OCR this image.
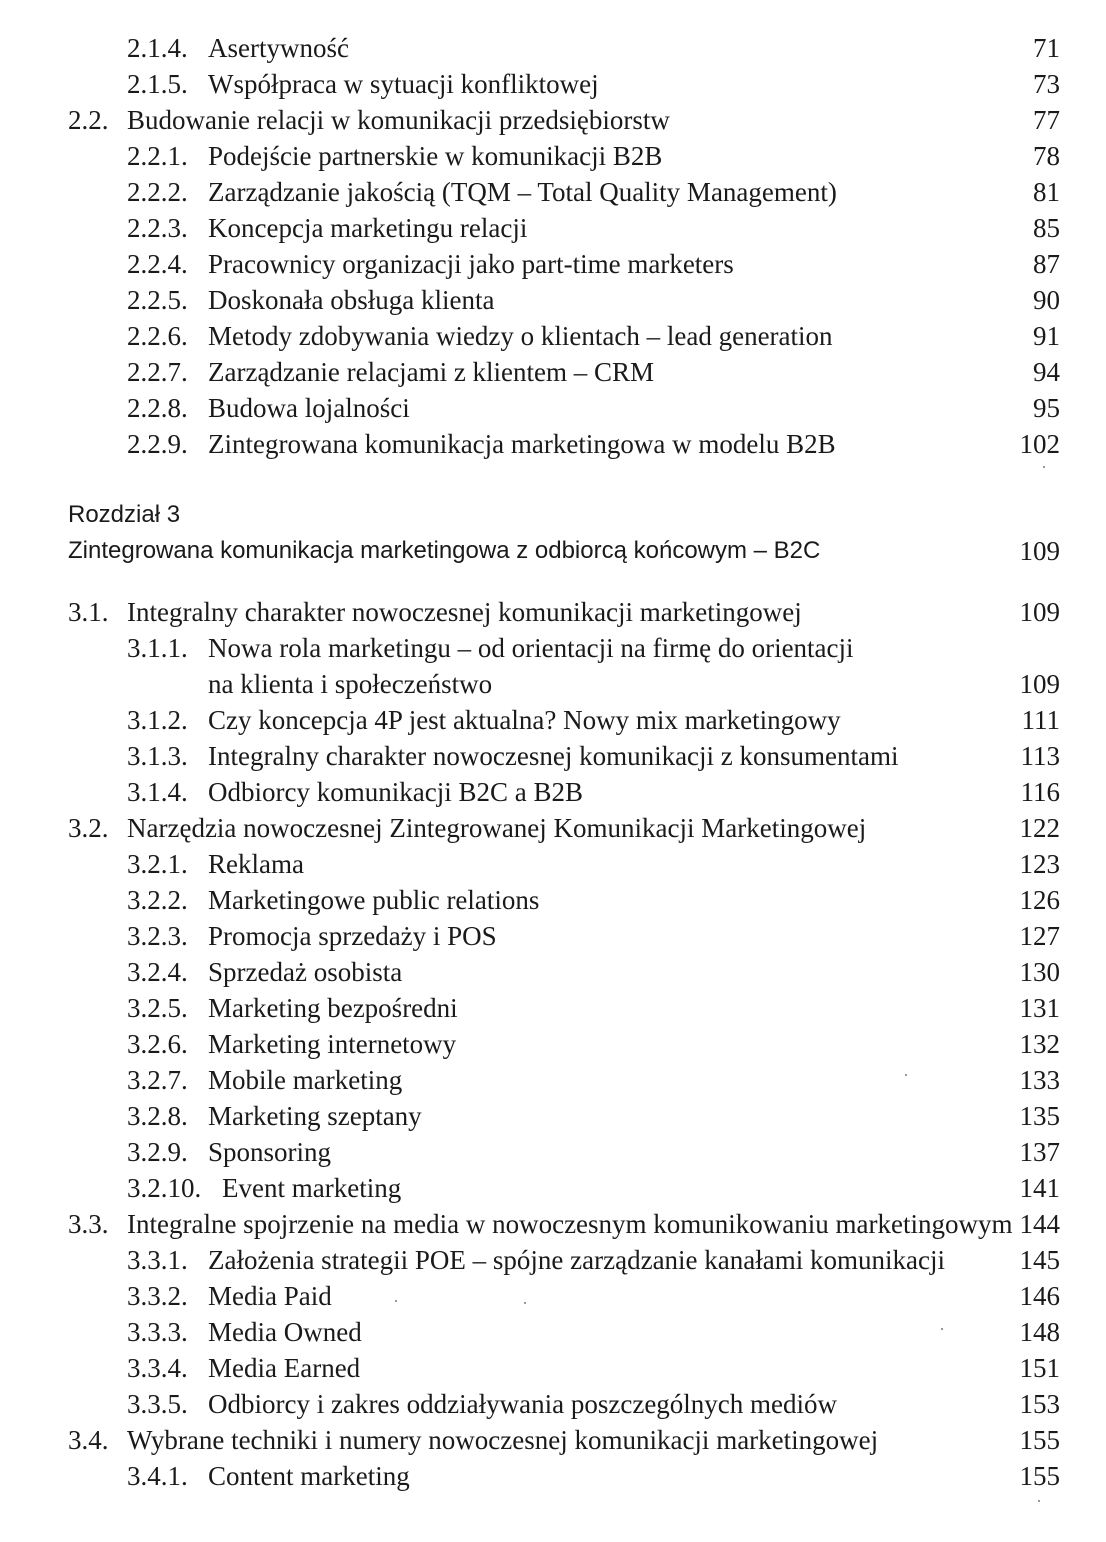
2.1.4. Asertywność	71
2.1.5. Współpraca w sytuacji konfliktowej	73
2.2. Budowanie relacji w komunikacji przedsiębiorstw	77
2.2.1. Podejście partnerskie w komunikacji B2B	78
2.2.2. Zarządzanie jakością (TQM – Total Quality Management)	81
2.2.3. Koncepcja marketingu relacji	85
2.2.4. Pracownicy organizacji jako part-time marketers	87
2.2.5. Doskonała obsługa klienta	90
2.2.6. Metody zdobywania wiedzy o klientach – lead generation	91
2.2.7. Zarządzanie relacjami z klientem – CRM	94
2.2.8. Budowa lojalności	95
2.2.9. Zintegrowana komunikacja marketingowa w modelu B2B	102
Rozdział 3
Zintegrowana komunikacja marketingowa z odbiorcą końcowym – B2C	109
3.1. Integralny charakter nowoczesnej komunikacji marketingowej	109
3.1.1. Nowa rola marketingu – od orientacji na firmę do orientacji
na klienta i społeczeństwo	109
3.1.2. Czy koncepcja 4P jest aktualna? Nowy mix marketingowy	111
3.1.3. Integralny charakter nowoczesnej komunikacji z konsumentami	113
3.1.4. Odbiorcy komunikacji B2C a B2B	116
3.2. Narzędzia nowoczesnej Zintegrowanej Komunikacji Marketingowej	122
3.2.1. Reklama	123
3.2.2. Marketingowe public relations	126
3.2.3. Promocja sprzedaży i POS	127
3.2.4. Sprzedaż osobista	130
3.2.5. Marketing bezpośredni	131
3.2.6. Marketing internetowy	132
3.2.7. Mobile marketing	133
3.2.8. Marketing szeptany	135
3.2.9. Sponsoring	137
3.2.10. Event marketing	141
3.3. Integralne spojrzenie na media w nowoczesnym komunikowaniu marketingowym 144
3.3.1. Założenia strategii POE – spójne zarządzanie kanałami komunikacji	145
3.3.2. Media Paid	146
3.3.3. Media Owned	148
3.3.4. Media Earned	151
3.3.5. Odbiorcy i zakres oddziaływania poszczególnych mediów	153
3.4. Wybrane techniki i numery nowoczesnej komunikacji marketingowej	155
3.4.1. Content marketing	155
